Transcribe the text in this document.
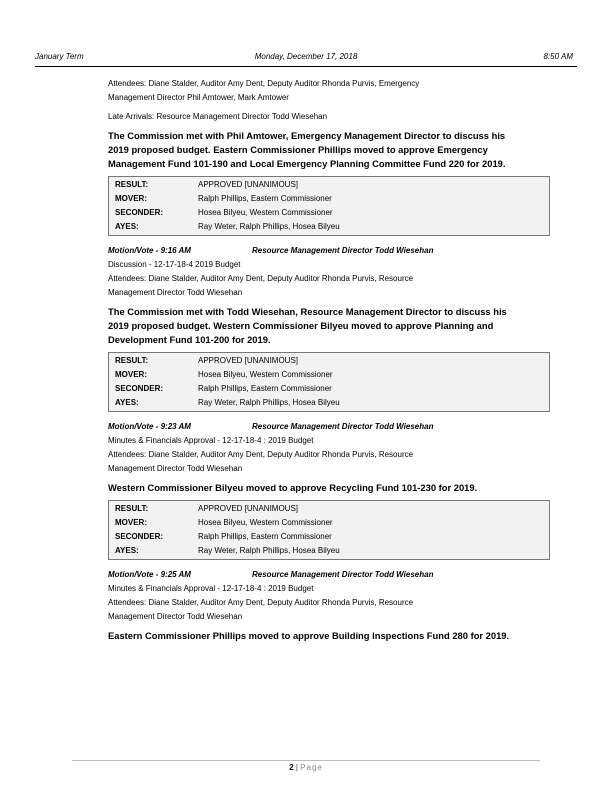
January Term	Monday, December 17, 2018	8:50 AM
Attendees: Diane Stalder, Auditor Amy Dent, Deputy Auditor Rhonda Purvis, Emergency
Management Director Phil Amtower, Mark Amtower
Late Arrivals: Resource Management Director Todd Wiesehan
The Commission met with Phil Amtower, Emergency Management Director to discuss his
2019 proposed budget. Eastern Commissioner Phillips moved to approve Emergency
Management Fund 101-190 and Local Emergency Planning Committee Fund 220 for 2019.
RESULT:	APPROVED [UNANIMOUS]
MOVER:	Ralph Phillips, Eastern Commissioner
SECONDER:	Hosea Bilyeu, Western Commissioner
AYES:	Ray Weter, Ralph Phillips, Hosea Bilyeu
Motion/Vote - 9:16 AM	Resource Management Director Todd Wiesehan
Discussion - 12-17-18-4 2019 Budget
Attendees: Diane Stalder, Auditor Amy Dent, Deputy Auditor Rhonda Purvis, Resource
Management Director Todd Wiesehan
The Commission met with Todd Wiesehan, Resource Management Director to discuss his
2019 proposed budget. Western Commissioner Bilyeu moved to approve Planning and
Development Fund 101-200 for 2019.
RESULT:	APPROVED [UNANIMOUS]
MOVER:	Hosea Bilyeu, Western Commissioner
SECONDER:	Ralph Phillips, Eastern Commissioner
AYES:	Ray Weter, Ralph Phillips, Hosea Bilyeu
Motion/Vote - 9:23 AM	Resource Management Director Todd Wiesehan
Minutes & Financials Approval - 12-17-18-4 : 2019 Budget
Attendees: Diane Stalder, Auditor Amy Dent, Deputy Auditor Rhonda Purvis, Resource
Management Director Todd Wiesehan
Western Commissioner Bilyeu moved to approve Recycling Fund 101-230 for 2019.
RESULT:	APPROVED [UNANIMOUS]
MOVER:	Hosea Bilyeu, Western Commissioner
SECONDER:	Ralph Phillips, Eastern Commissioner
AYES:	Ray Weter, Ralph Phillips, Hosea Bilyeu
Motion/Vote - 9:25 AM	Resource Management Director Todd Wiesehan
Minutes & Financials Approval - 12-17-18-4 : 2019 Budget
Attendees: Diane Stalder, Auditor Amy Dent, Deputy Auditor Rhonda Purvis, Resource
Management Director Todd Wiesehan
Eastern Commissioner Phillips moved to approve Building Inspections Fund 280 for 2019.
2 | Page
